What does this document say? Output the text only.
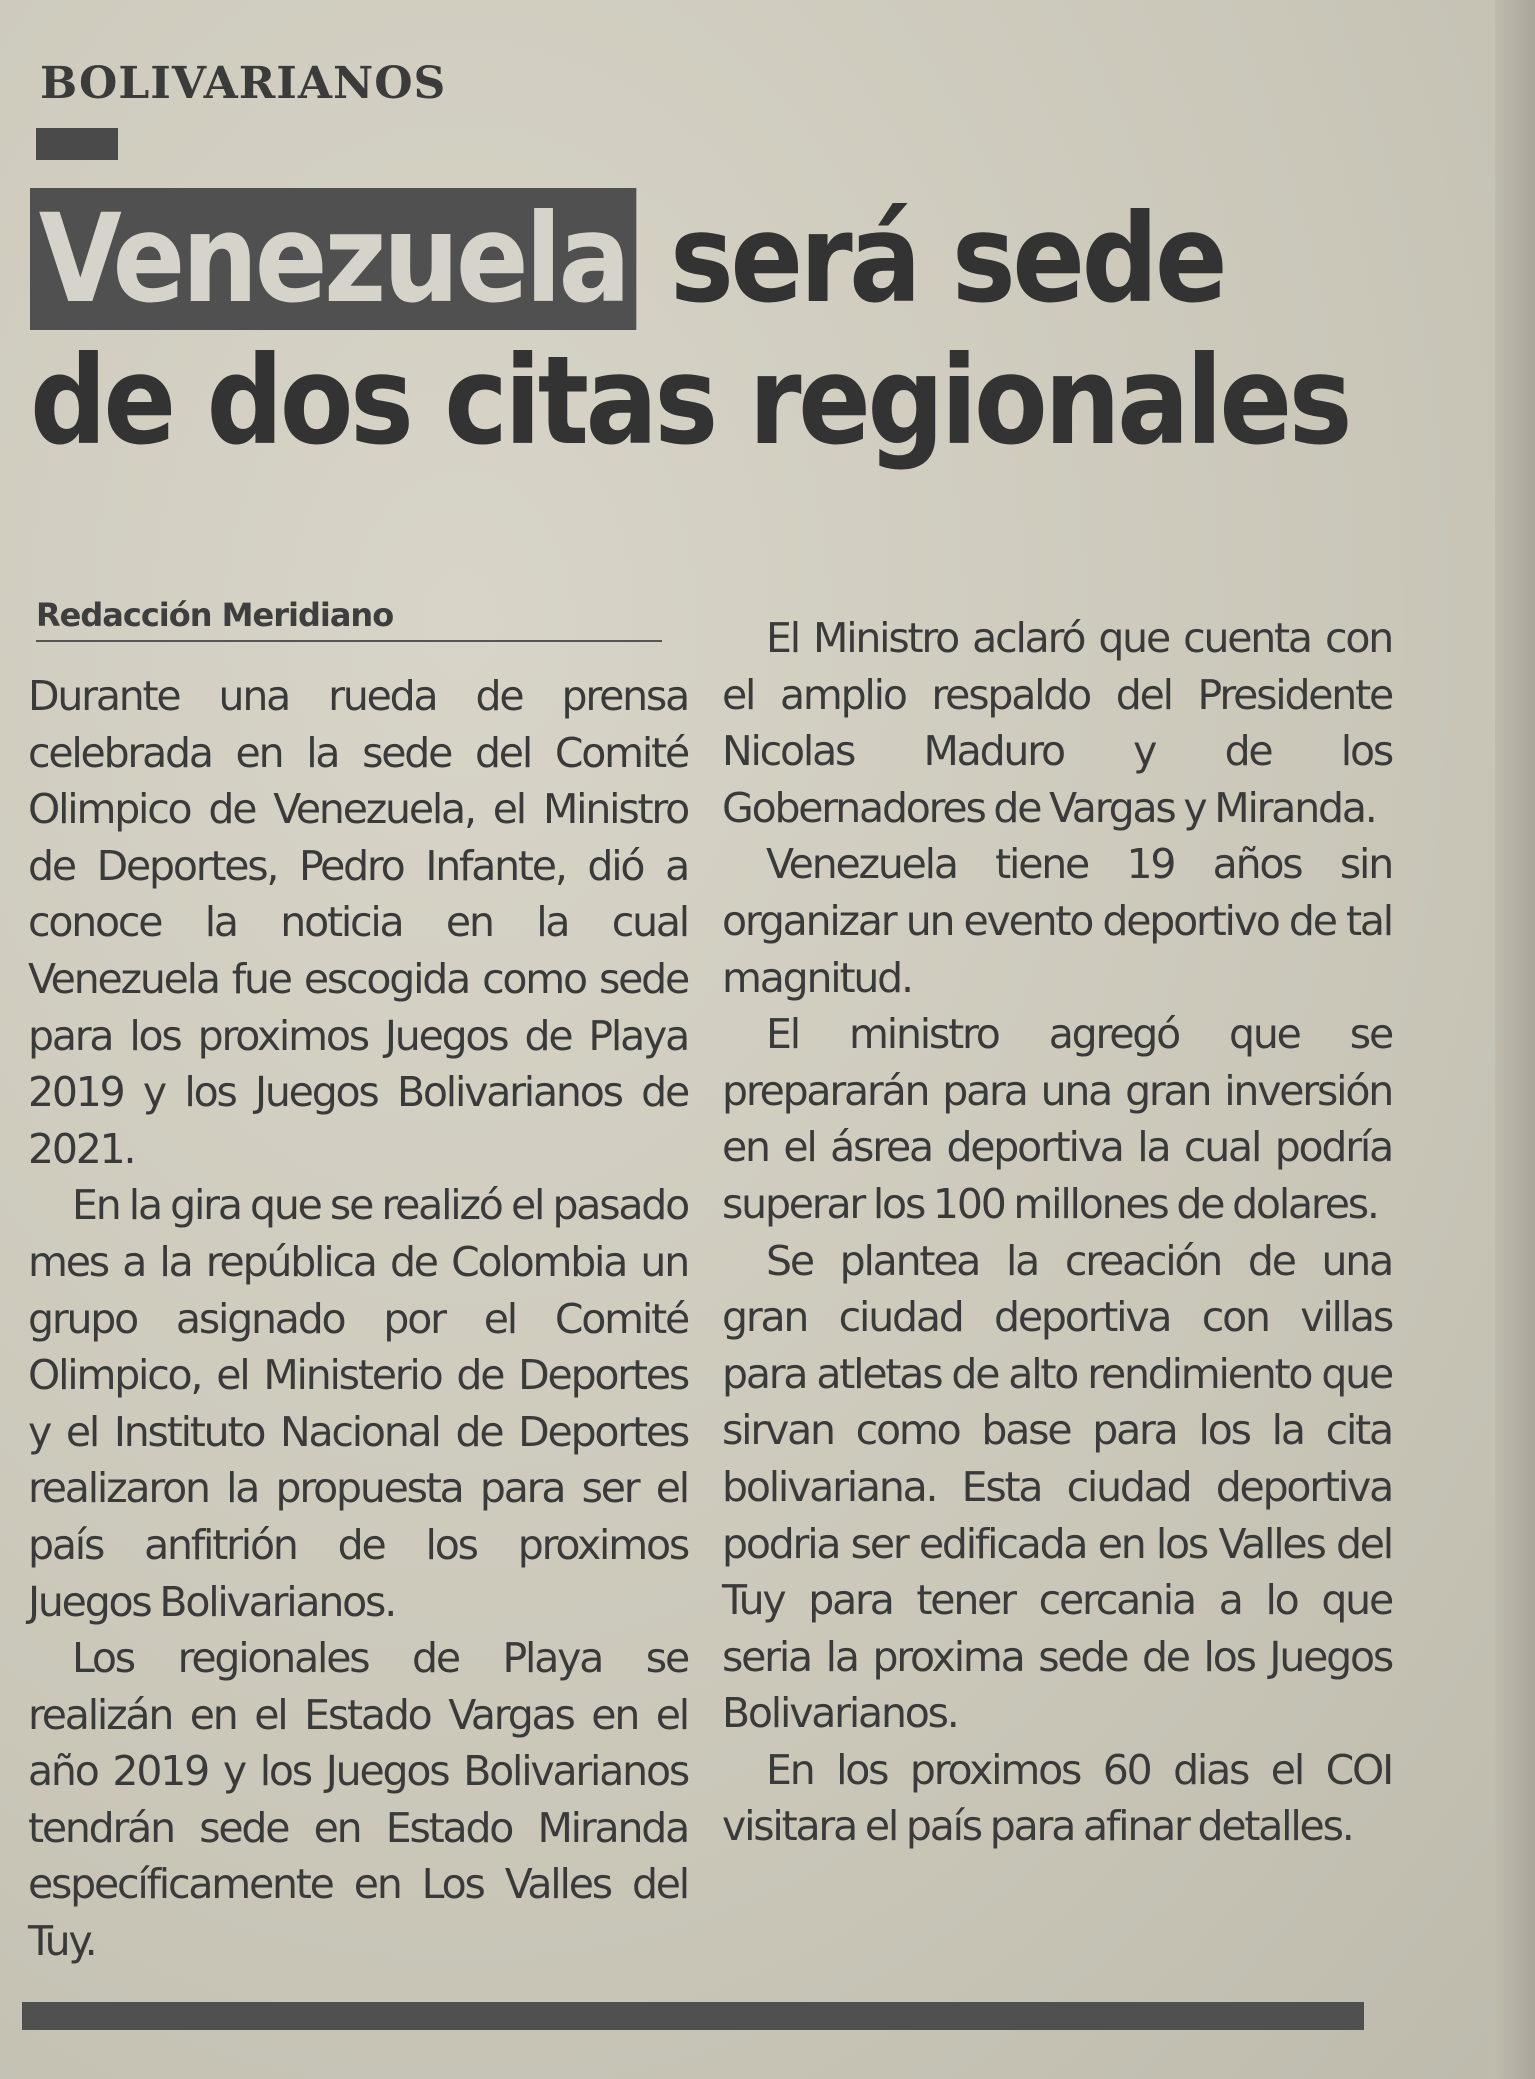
BOLIVARIANOS
Venezuela será sede
de dos citas regionales
Redacción Meridiano

Durante una rueda de prensa celebrada en la sede del Comité Olimpico de Venezuela, el Ministro de Deportes, Pedro Infante, dió a conoce la noticia en la cual Venezuela fue escogida como sede para los proximos Juegos de Playa 2019 y los Juegos Bolivarianos de 2021.

En la gira que se realizó el pasado mes a la república de Colombia un grupo asignado por el Comité Olimpico, el Ministerio de Deportes y el Instituto Nacional de Deportes realizaron la propuesta para ser el país anfitrión de los proximos Juegos Bolivarianos.

Los regionales de Playa se realizán en el Estado Vargas en el año 2019 y los Juegos Bolivarianos tendrán sede en Estado Miranda específicamente en Los Valles del Tuy.

El Ministro aclaró que cuenta con el amplio respaldo del Presidente Nicolas Maduro y de los Gobernadores de Vargas y Miranda.

Venezuela tiene 19 años sin organizar un evento deportivo de tal magnitud.

El ministro agregó que se prepararán para una gran inversión en el ásrea deportiva la cual podría superar los 100 millones de dolares.

Se plantea la creación de una gran ciudad deportiva con villas para atletas de alto rendimiento que sirvan como base para los la cita bolivariana. Esta ciudad deportiva podria ser edificada en los Valles del Tuy para tener cercania a lo que seria la proxima sede de los Juegos Bolivarianos.

En los proximos 60 dias el COI visitara el país para afinar detalles.
